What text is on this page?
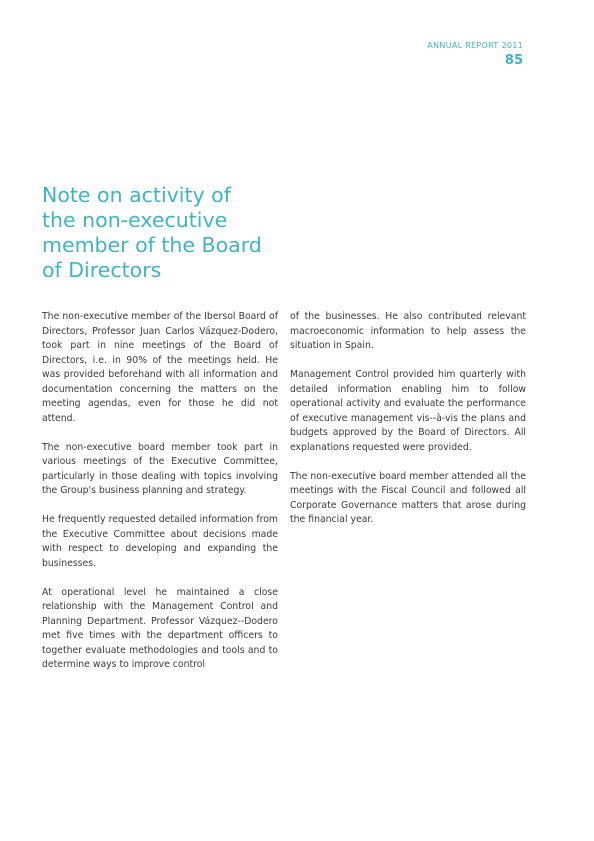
ANNUAL REPORT 2011
85
Note on activity of
the non-executive
member of the Board
of Directors

The non-executive member of the Ibersol Board of Directors, Professor Juan Carlos Vázquez-Dodero, took part in nine meetings of the Board of Directors, i.e. in 90% of the meetings held. He was provided beforehand with all information and documentation concerning the matters on the meeting agendas, even for those he did not attend.

The non-executive board member took part in various meetings of the Executive Committee, particularly in those dealing with topics involving the Group's business planning and strategy.

He frequently requested detailed information from the Executive Committee about decisions made with respect to developing and expanding the businesses.

At operational level he maintained a close relationship with the Management Control and Planning Department. Professor Vázquez--Dodero met five times with the department officers to together evaluate methodologies and tools and to determine ways to improve control

of the businesses. He also contributed relevant macroeconomic information to help assess the situation in Spain.

Management Control provided him quarterly with detailed information enabling him to follow operational activity and evaluate the performance of executive management vis--à-vis the plans and budgets approved by the Board of Directors. All explanations requested were provided.

The non-executive board member attended all the meetings with the Fiscal Council and followed all Corporate Governance matters that arose during the financial year.
